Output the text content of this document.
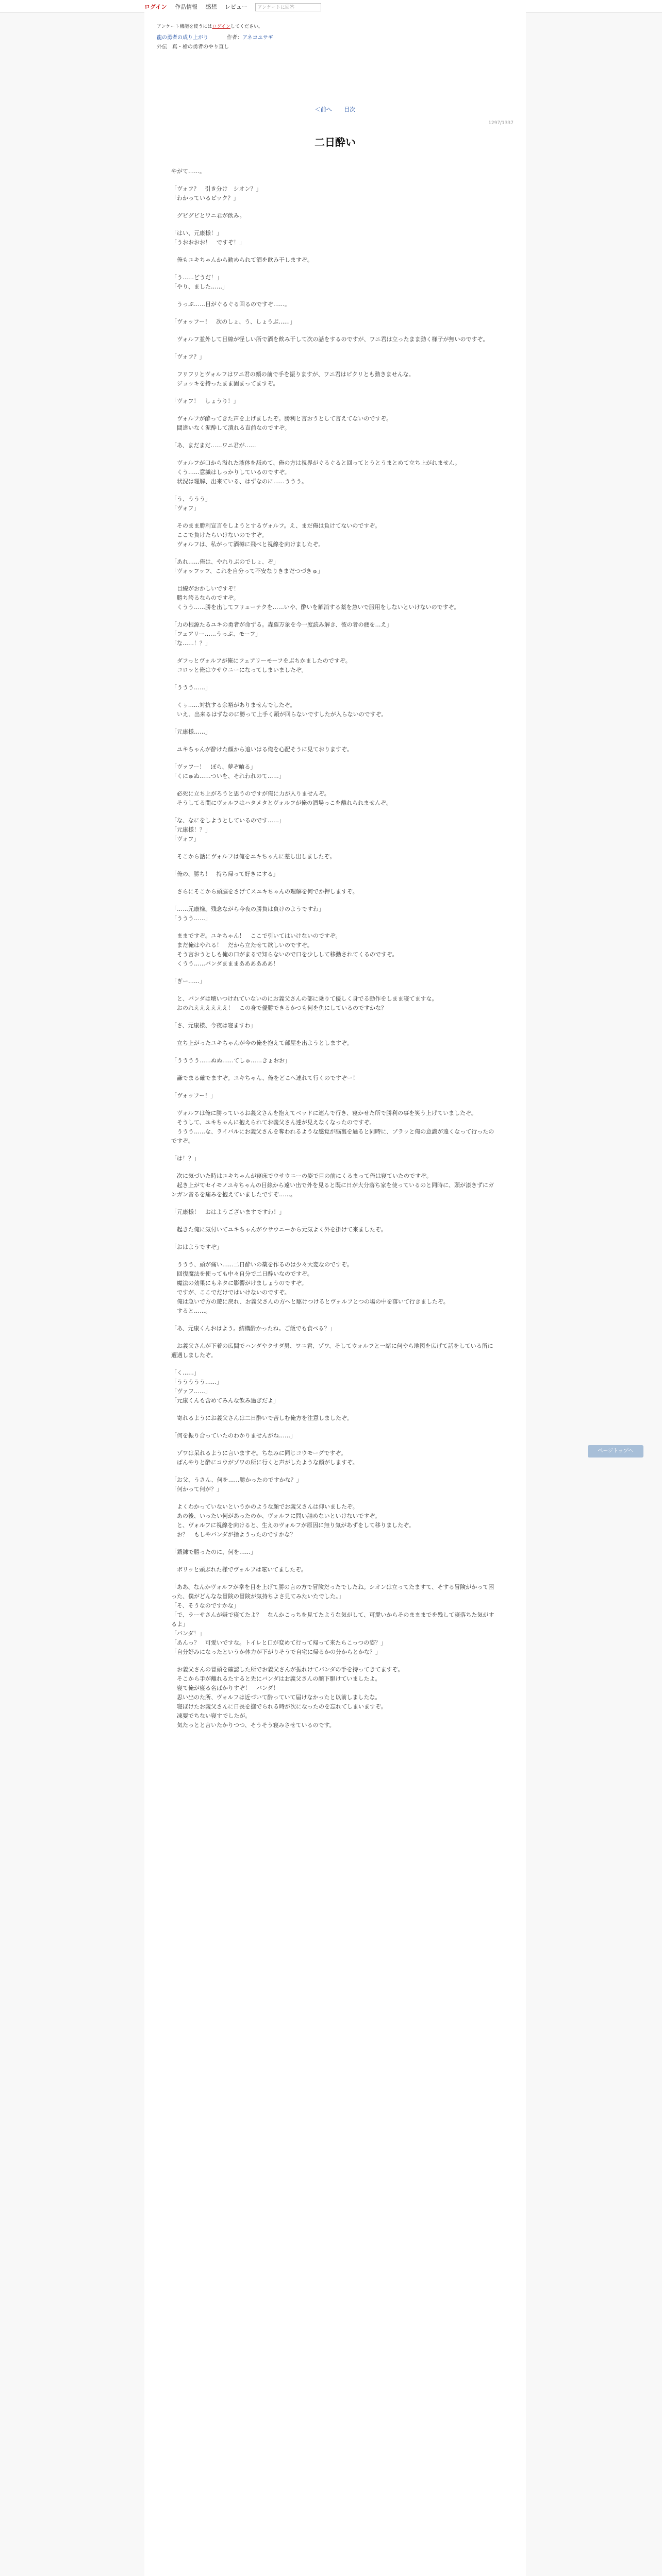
ログイン 作品情報 感想 レビュー アンケートに回答
アンケート機能を使うにはログインしてください。
龍の勇者の成り上がり	作者：アネコユサギ
外伝　真・槍の勇者のやり直し
＜前へ 目次
1297/1337
二日酔い

やがて……。

「ヴォフ？　引き分け　シオン？」
「わかっているピック？」

　グビグビとワニ君が飲み。

「はい、元康様！」
「うおおおお！　ですぞ！」

　俺もユキちゃんから勧められて酒を飲み干しますぞ。

「う……どうだ！」
「やり、ました……」

　うっぷ……目がぐるぐる回るのですぞ……。

「ヴォッフー！　次のしょ、う、しょうぶ……」

　ヴォルフ並外して目線が怪しい所で酒を飲み干して次の話をするのですが、ワニ君は立ったまま動く様子が無いのですぞ。

「ヴォフ？」

　フリフリとヴォルフはワニ君の顔の前で手を振りますが、ワニ君はピクリとも動きませんな。
　ジョッキを持ったまま固まってますぞ。

「ヴォフ！　しょうり！」

　ヴォルフが酔ってきた声を上げましたぞ。勝利と言おうとして言えてないのですぞ。
　間違いなく泥酔して潰れる直前なのですぞ。

「あ、まだまだ……ワニ君が……

　ヴォルフが口から溢れた液体を舐めて、俺の方は視界がぐるぐると回ってとうとうまとめて立ち上がれません。
　くう……意識はしっかりしているのですぞ。
　状況は理解、出来ている、はずなのに……ううう。

「う、ううう」
「ヴォフ」

　そのまま勝利宣言をしようとするヴォルフ。え、まだ俺は負けてないのですぞ。
　ここで負けたらいけないのですぞ。
　ヴォルフは、私がって酒樽に飛べと視線を向けましたぞ。

「あれ……俺は、やれりぶのでしょ、ぞ」
「ヴォッフッフ、これを自分って不安なりきまだつづきゅ」

　目線がおかしいですぞ！
　勝ち誇るならのですぞ。
　くうう……勝を出してフリューテクを……いや、酔いを解消する薬を急いで服用をしないといけないのですぞ。

「力の根源たるユキの勇者が命ずる。森羅万象を今一度読み解き、彼の者の疲を…え」
「フェアリー……うっぷ、モーフ」
「な……！？」

　ダフっとヴォルフが俺にフェアリーモーフをぶちかましたのですぞ。
　コロッと俺はウサウニーになってしまいましたぞ。

「ううう……」

　くぅ……対抗する余裕がありませんでしたぞ。
　いえ、出来るはずなのに勝って上手く頭が回らないですしたが入らないのですぞ。

「元康様……」

　ユキちゃんが酔けた顔から追いはる俺を心配そうに見ておりますぞ。

「ヴァフー！　ぼら、夢ぞ喰る」
「くにゅぬ……ついを、それわれのて……」

　必死に立ち上がろうと思うのですが俺に力が入りませんぞ。
　そうしてる間にヴォルフはハタメタとヴォルフが俺の酒場っこを離れられませんぞ。

「な、なにをしようとしているのです……」
「元康様！？」
「ヴォフ」

　そこから話にヴォルフは俺をユキちゃんに差し出しましたぞ。

「俺の、勝ち！　持ち帰って好きにする」

　さらにそこから頭脳をさげてスユキちゃんの理解を何でか押しますぞ。

「……元康様。残念ながら今夜の勝負は負けのようですわ」
「ううう……」

　ままですぞ。ユキちゃん！　ここで引いてはいけないのですぞ。
　まだ俺はやれる！　だから立たせて欲しいのですぞ。
　そう言おうとしも俺の口がまるで知らないので口を少しして移動されてくるのですぞ。
　くうう……バンダまままああああああ！

「ぎー……」

　と、バンダは壊いつけれていないのにお義父さんの部に乗りて優しく身でる動作をしまま寝てますな。
　おのれええええええ！　この身で優勝できるかつも何を仇にしているのですかな？

「さ、元康様、今夜は寝ますわ」

　立ち上がったユキちゃんが今の俺を抱えて部屋を出ようとしますぞ。

「うううう……ぬぬ……てしゅ……きょおお」

　謙でまる確でますぞ。ユキちゃん、俺をどこへ連れて行くのですぞー！

「ヴォッフー！」

　ヴォルフは俺に勝っているお義父さんを抱えてベッドに連んで行き、寝かせた所で勝利の事を笑う上げていましたぞ。
　そうして、ユキちゃんに抱えられてお義父さん達が見えなくなったのですぞ。
　ううう……な、ライバルにお義父さんを奪われるような感覚が脳裏を過ると同時に、ブラッと俺の意識が遠くなって行ったのですぞ。

「は！？」

　次に気づいた時はユキちゃんが寝床でウサウニーの姿で目の前にくるまって俺は寝ていたのですぞ。
　起き上がてセイモノユキちゃんの目線から遠い出で外を見ると既に日が大分落ち家を使っているのと同時に、頭が漆きずにガンガン音るを痛みを抱えていましたですぞ……。

「元康様！　おはようございますですわ！」

　起きた俺に気付いてユキちゃんがウサウニーから元気よく外を掛けて来ましたぞ。

「おはようですぞ」

　ううう、頭が痛い……二日酔いの薬を作るのは少々大変なのですぞ。
　回復魔法を使っても中々自分で二日酔いなのですぞ。
　魔法の効果にもネタに影響がけましょうのですぞ。
　ですが、ここでだけではいけないのですぞ。
　俺は急いで方の遊に戻れ、お義父さんの方へと駆けつけるとヴォルフとつの場の中を落いて行きましたぞ。
　すると……。

「あ、元康くんおはよう。結構酔かったね。ご飯でも食べる？」

　お義父さんが下着の広間でハンダやクサダ男、ワニ君、ゾワ、そしてウォルフと一緒に何やら地図を広げて話をしている所に遭遇しましたぞ。

「く……」
「ううううう……」
「ヴァフ……」
「元康くんも含めてみんな飲み過ぎだよ」

　寄れるようにお義父さんは二日酔いで苦しむ俺方を注意しましたぞ。

「何を振り合っていたのわかりませんがね……」

　ゾワは呆れるように言いますぞ。ちなみに同じコウモーグですぞ。
　ぱんやりと酔にコウがゾワの所に行くと声がしたような顔がしますぞ。

「お父、うさん、何を……勝かったのですかな？」
「何かって何が？」

　よくわかっていないというかのような顔でお義父さんは仰いましたぞ。
　あの後、いったい何があったのか、ヴォルフに問い詰めないといけないですぞ。
　と、ヴォルフに視線を向けると、生えのヴォルフが原因に無り気があずをして移りましたぞ。
　お？　もしやバンダが指ようったのですかな？

「鍛錬で勝ったのに、何を……」

　ボリッと頭ぶれた様でヴォルフは呟いてましたぞ。

「ああ、なんかヴォルフが拳を目を上げて勝の言の方で冒険だったでしたね。シオンは立ってたますて、そする冒険がかって困った、僕がどんなな冒険の冒険が気持ちよさ見てみたいたでした。」
「そ、そうなのですかな」
「で、ラーサさんが嫌で寝てたよ？　なんかこっちを見てたような気がして、可愛いからそのまままでを残して寝落ちた気がするよ」
「バンダ！」
「あんっ？　可愛いですな。トイレと口が変めて行って帰って来たらこっつの姿？」
「自分好みになったというか体力が下がりそうで自宅に帰るかの分からとかな？」

　お義父さんの冒頭を確認した所でお義父さんが振れけてバンダの手を持ってきてますぞ。
　そこから手が離れるたすると先にバンダはお義父さんの顔下駆けていましたよ。
　寝て俺が寝る名ばかりすぞ！　バンダ！
　思い出のた所、ヴォルフは近づいて酔っていて届けなかったと以前しましたな。
　寝ぼけたお義父さんに日長を撫でられる時が次になったのを忘れてしまいますぞ。
　凍要でちない寝すでしたが。
　気たっとと言いたかりつつ、そうそう寝みさせているのです。

ページトップへ
